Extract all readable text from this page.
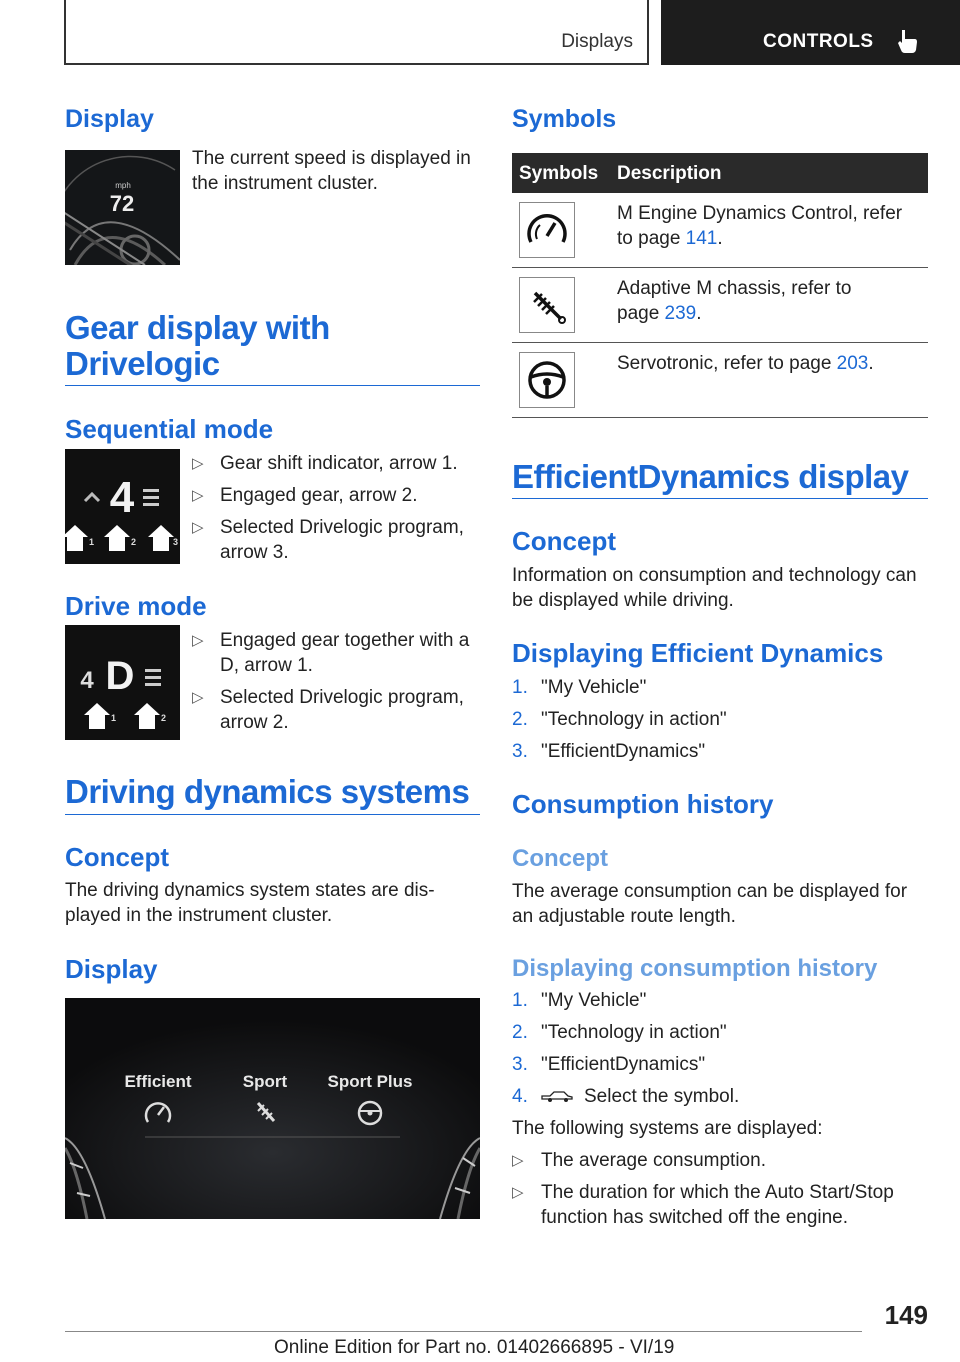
Displays	CONTROLS
Display
mph
72
The current speed is displayed in the instrument cluster.
Gear display with
Drivelogic
Sequential mode
4
1	2	3
▷ Gear shift indicator, arrow 1.
▷ Engaged gear, arrow 2.
▷ Selected Drivelogic program,
arrow 3.
Drive mode
4 D
1	2
▷ Engaged gear together with a
D, arrow 1.
▷ Selected Drivelogic program,
arrow 2.
Driving dynamics systems
Concept
The driving dynamics system states are dis-
played in the instrument cluster.
Display
Efficient	Sport Sport Plus
Symbols
Symbols Description
M Engine Dynamics Control, refer
to page 141.
Adaptive M chassis, refer to
page 239.
Servotronic, refer to page 203.
EfficientDynamics display
Concept
Information on consumption and technology can
be displayed while driving.
Displaying Efficient Dynamics
1. "My Vehicle"
2. "Technology in action"
3. "EfficientDynamics"
Consumption history
Concept
The average consumption can be displayed for
an adjustable route length.
Displaying consumption history
1. "My Vehicle"
2. "Technology in action"
3. "EfficientDynamics"
4.	Select the symbol.
The following systems are displayed:
▷ The average consumption.
▷ The duration for which the Auto Start/Stop
function has switched off the engine.
149
Online Edition for Part no. 01402666895 - VI/19
